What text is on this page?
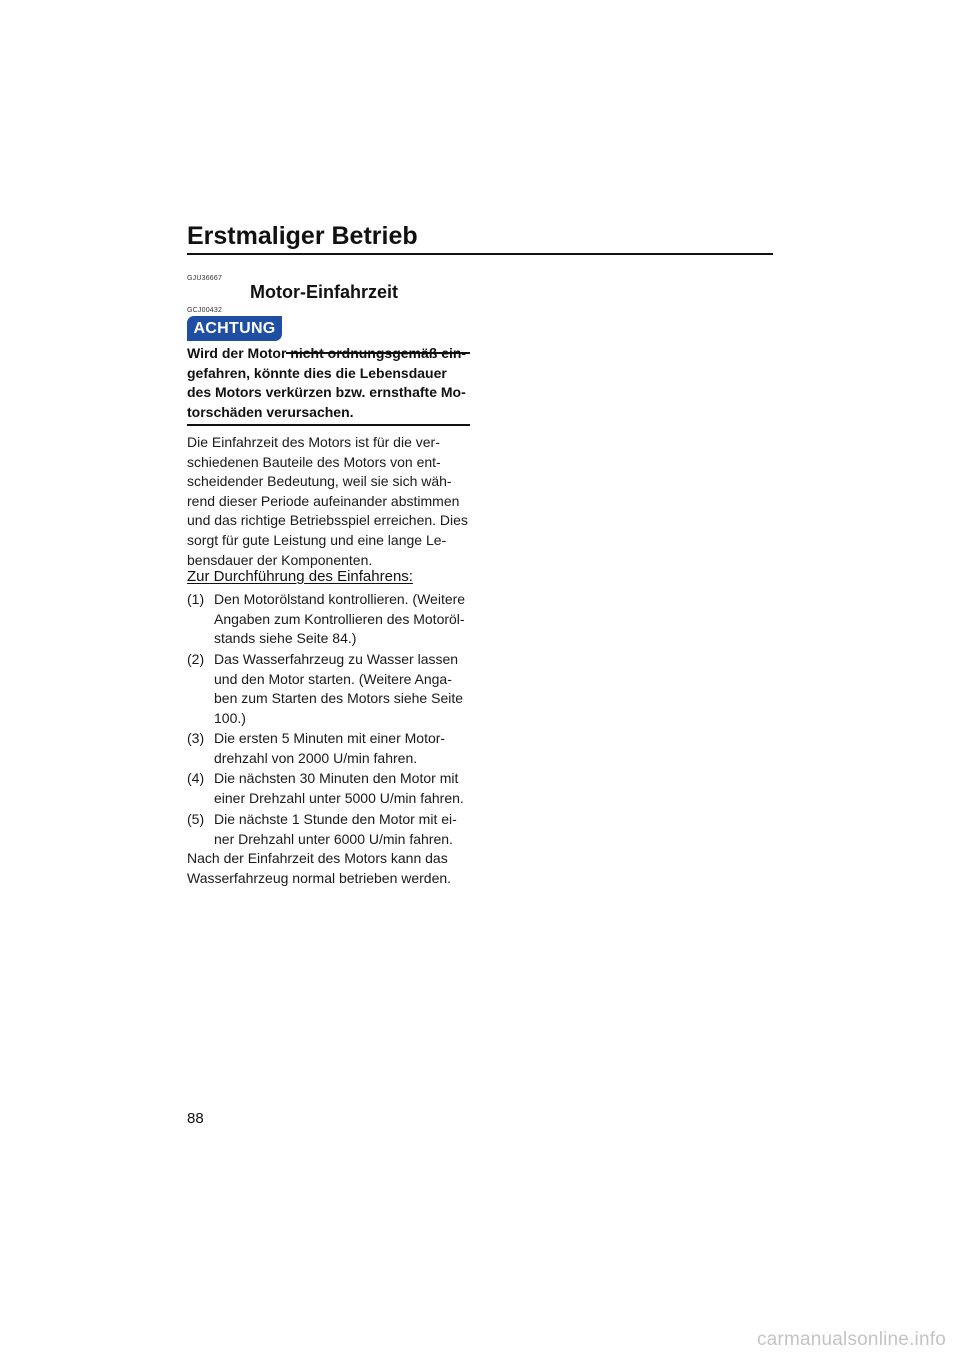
Erstmaliger Betrieb
GJU36667
Motor-Einfahrzeit
GCJ00432
ACHTUNG
Wird der Motor nicht ordnungsgemäß ein-
gefahren, könnte dies die Lebensdauer
des Motors verkürzen bzw. ernsthafte Mo-
torschäden verursachen.
Die Einfahrzeit des Motors ist für die ver-
schiedenen Bauteile des Motors von ent-
scheidender Bedeutung, weil sie sich wäh-
rend dieser Periode aufeinander abstimmen
und das richtige Betriebsspiel erreichen. Dies
sorgt für gute Leistung und eine lange Le-
bensdauer der Komponenten.
Zur Durchführung des Einfahrens:
(1) Den Motorölstand kontrollieren. (Weitere
Angaben zum Kontrollieren des Motoröl-
stands siehe Seite 84.)
(2) Das Wasserfahrzeug zu Wasser lassen
und den Motor starten. (Weitere Anga-
ben zum Starten des Motors siehe Seite
100.)
(3) Die ersten 5 Minuten mit einer Motor-
drehzahl von 2000 U/min fahren.
(4) Die nächsten 30 Minuten den Motor mit
einer Drehzahl unter 5000 U/min fahren.
(5) Die nächste 1 Stunde den Motor mit ei-
ner Drehzahl unter 6000 U/min fahren.
Nach der Einfahrzeit des Motors kann das
Wasserfahrzeug normal betrieben werden.
88
carmanualsonline.info
